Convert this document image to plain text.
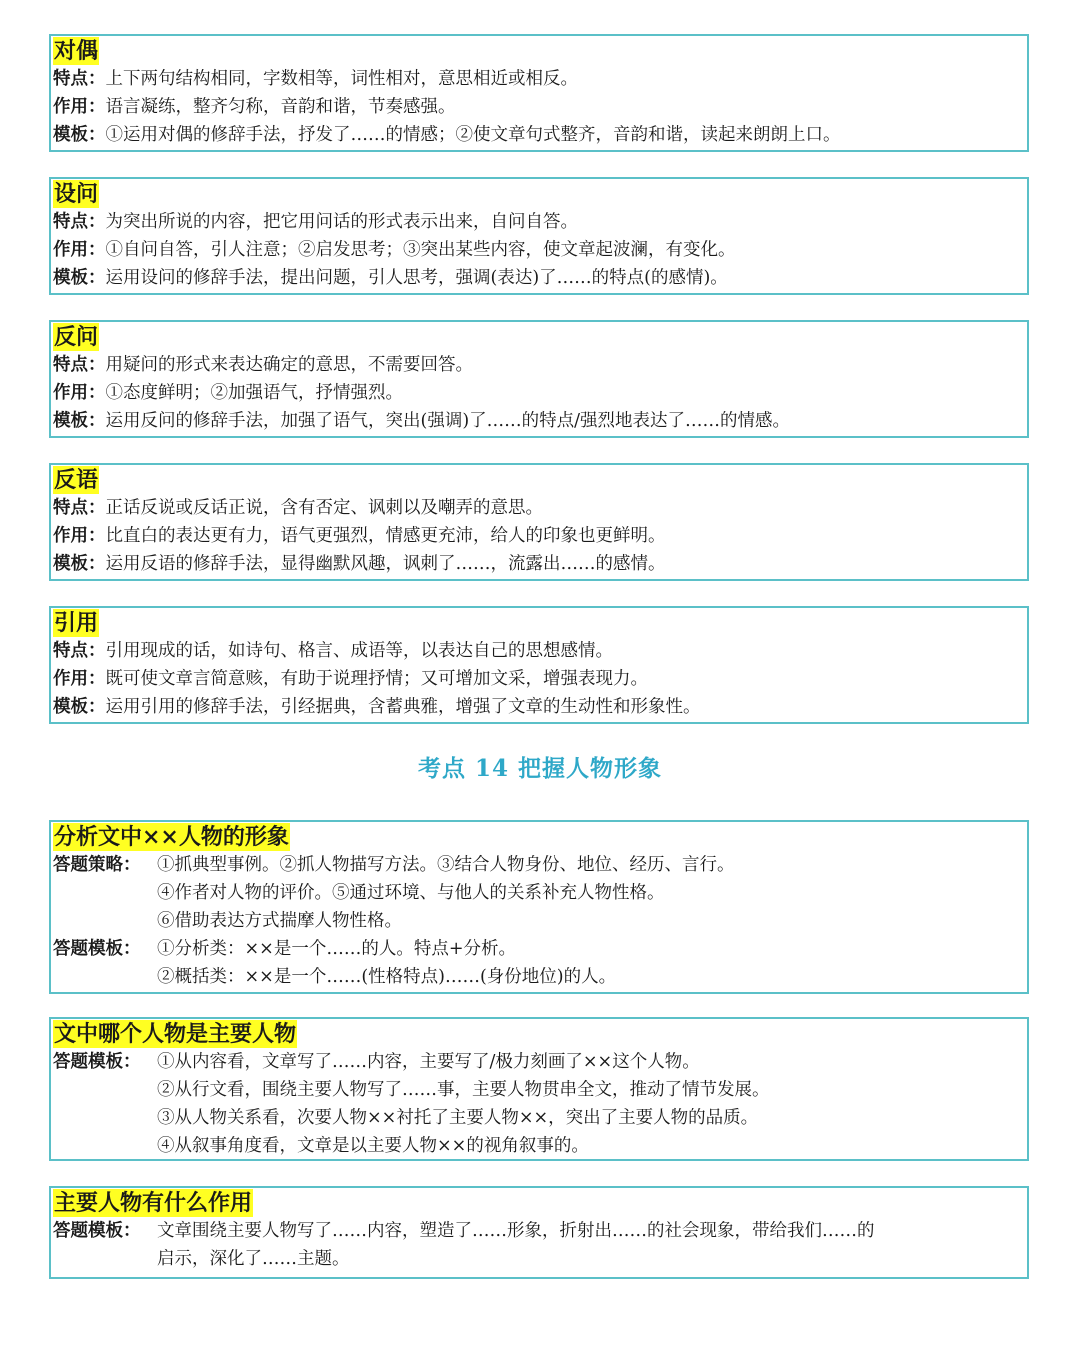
对偶
特点： 上下两句结构相同，字数相等，词性相对，意思相近或相反。
作用： 语言凝练，整齐匀称，音韵和谐，节奏感强。
模板： ①运用对偶的修辞手法，抒发了……的情感；②使文章句式整齐，音韵和谐，读起来朗朗上口。
设问
特点： 为突出所说的内容，把它用问话的形式表示出来，自问自答。
作用： ①自问自答，引人注意；②启发思考；③突出某些内容，使文章起波澜，有变化。
模板： 运用设问的修辞手法，提出问题，引人思考，强调(表达)了……的特点(的感情)。
反问
特点： 用疑问的形式来表达确定的意思，不需要回答。
作用： ①态度鲜明；②加强语气，抒情强烈。
模板： 运用反问的修辞手法，加强了语气，突出(强调)了……的特点/强烈地表达了……的情感。
反语
特点： 正话反说或反话正说，含有否定、讽刺以及嘲弄的意思。
作用： 比直白的表达更有力，语气更强烈，情感更充沛，给人的印象也更鲜明。
模板： 运用反语的修辞手法，显得幽默风趣，讽刺了……，流露出……的感情。
引用
特点： 引用现成的话，如诗句、格言、成语等，以表达自己的思想感情。
作用： 既可使文章言简意赅，有助于说理抒情；又可增加文采，增强表现力。
模板： 运用引用的修辞手法，引经据典，含蓄典雅，增强了文章的生动性和形象性。
考点 14 把握人物形象
分析文中××人物的形象
答题策略： ①抓典型事例。②抓人物描写方法。③结合人物身份、地位、经历、言行。
④作者对人物的评价。⑤通过环境、与他人的关系补充人物性格。
⑥借助表达方式揣摩人物性格。
答题模板： ①分析类：××是一个……的人。特点+分析。
②概括类：××是一个……(性格特点)……(身份地位)的人。
文中哪个人物是主要人物
答题模板： ①从内容看，文章写了……内容，主要写了/极力刻画了××这个人物。
②从行文看，围绕主要人物写了……事，主要人物贯串全文，推动了情节发展。
③从人物关系看，次要人物××衬托了主要人物××，突出了主要人物的品质。
④从叙事角度看，文章是以主要人物××的视角叙事的。
主要人物有什么作用
答题模板： 文章围绕主要人物写了……内容，塑造了……形象，折射出……的社会现象，带给我们……的
启示，深化了……主题。
